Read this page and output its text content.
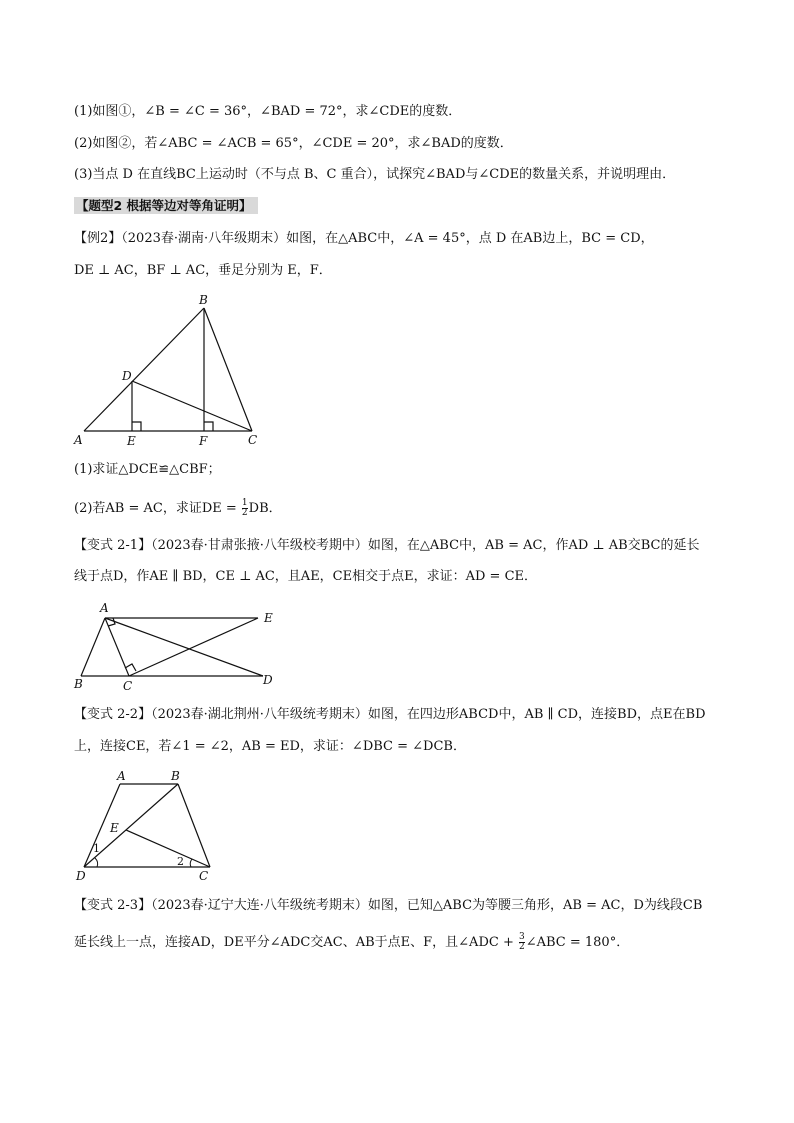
(1)如图①，∠B = ∠C = 36°，∠BAD = 72°，求∠CDE的度数．
(2)如图②，若∠ABC = ∠ACB = 65°，∠CDE = 20°，求∠BAD的度数．
(3)当点 D 在直线BC上运动时（不与点 B、C 重合），试探究∠BAD与∠CDE的数量关系，并说明理由．
【题型2 根据等边对等角证明】
【例2】（2023春·湖南·八年级期末）如图，在△ABC中，∠A = 45°，点 D 在AB边上，BC = CD，
DE ⊥ AC，BF ⊥ AC，垂足分别为 E，F．
A
B
C
D
E	F
(1)求证△DCE≌△CBF；
(2)若AB = AC，求证DE = $\frac{1}{2}$ DB．
【变式 2-1】（2023春·甘肃张掖·八年级校考期中）如图，在△ABC中，AB = AC，作AD ⊥ AB交BC的延长
线于点D，作AE ∥ BD，CE ⊥ AC，且AE，CE相交于点E，求证：AD = CE．
A
E
B	C	D
【变式 2-2】（2023春·湖北荆州·八年级统考期末）如图，在四边形ABCD中，AB ∥ CD，连接BD，点E在BD
上，连接CE，若∠1 = ∠2，AB = ED，求证：∠DBC = ∠DCB．
A	B
E
D	C
1
2
【变式 2-3】（2023春·辽宁大连·八年级统考期末）如图，已知△ABC为等腰三角形，AB = AC，D为线段CB
延长线上一点，连接AD，DE平分∠ADC交AC、AB于点E、F，且∠ADC + $\frac{3}{2}$ ∠ABC = 180°．
